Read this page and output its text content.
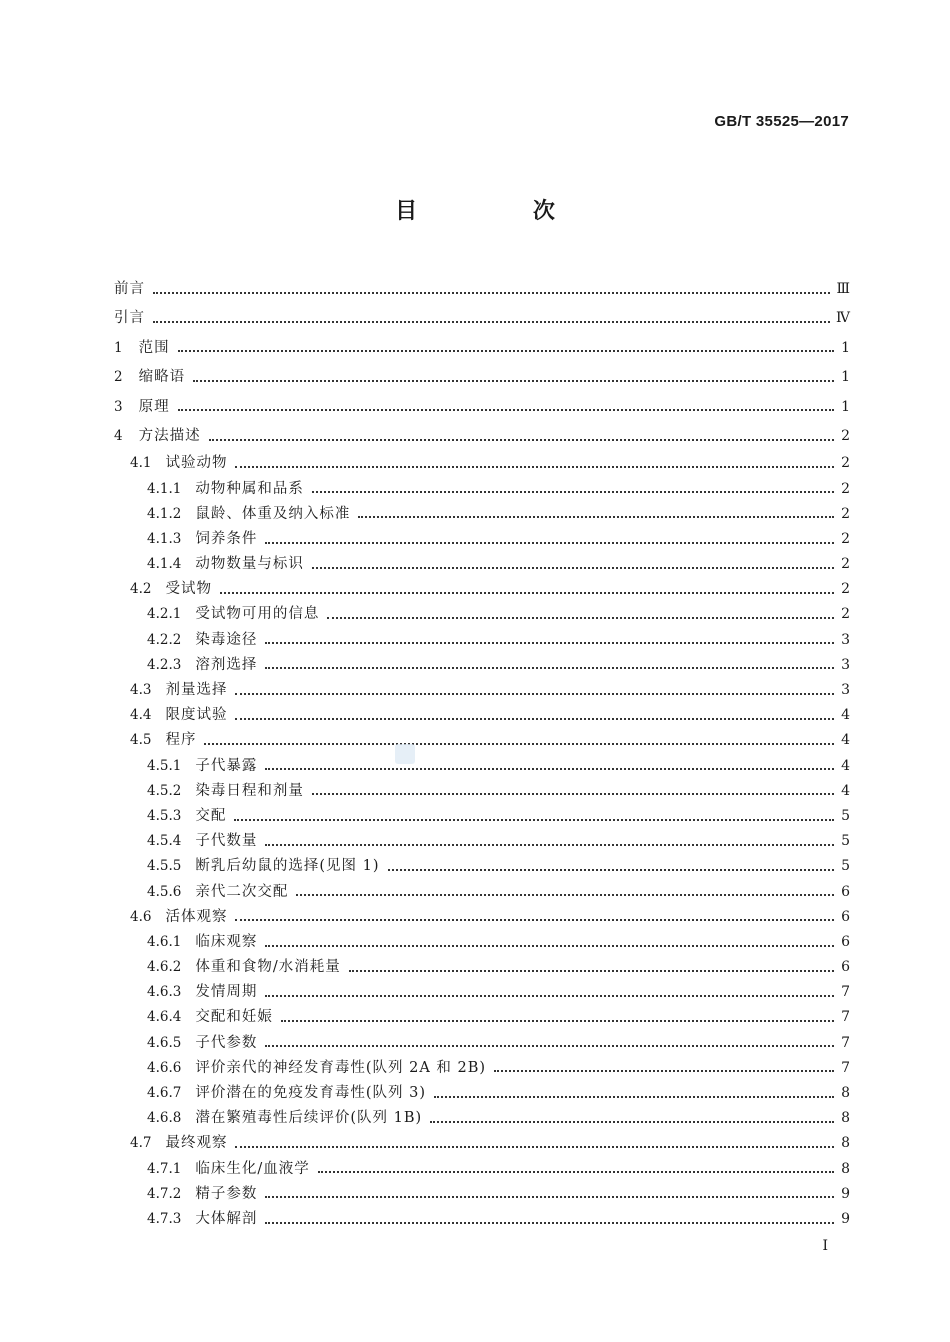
GB/T 35525—2017
目 次
前言	Ⅲ
引言	Ⅳ
1 范围	1
2 缩略语	1
3 原理	1
4 方法描述	2
4.1 试验动物	2
4.1.1 动物种属和品系	2
4.1.2 鼠龄、体重及纳入标准	2
4.1.3 饲养条件	2
4.1.4 动物数量与标识	2
4.2 受试物	2
4.2.1 受试物可用的信息	2
4.2.2 染毒途径	3
4.2.3 溶剂选择	3
4.3 剂量选择	3
4.4 限度试验	4
4.5 程序	4
4.5.1 子代暴露	4
4.5.2 染毒日程和剂量	4
4.5.3 交配	5
4.5.4 子代数量	5
4.5.5 断乳后幼鼠的选择(见图 1)	5
4.5.6 亲代二次交配	6
4.6 活体观察	6
4.6.1 临床观察	6
4.6.2 体重和食物/水消耗量	6
4.6.3 发情周期	7
4.6.4 交配和妊娠	7
4.6.5 子代参数	7
4.6.6 评价亲代的神经发育毒性(队列 2A 和 2B)	7
4.6.7 评价潜在的免疫发育毒性(队列 3)	8
4.6.8 潜在繁殖毒性后续评价(队列 1B)	8
4.7 最终观察	8
4.7.1 临床生化/血液学	8
4.7.2 精子参数	9
4.7.3 大体解剖	9
Ⅰ
